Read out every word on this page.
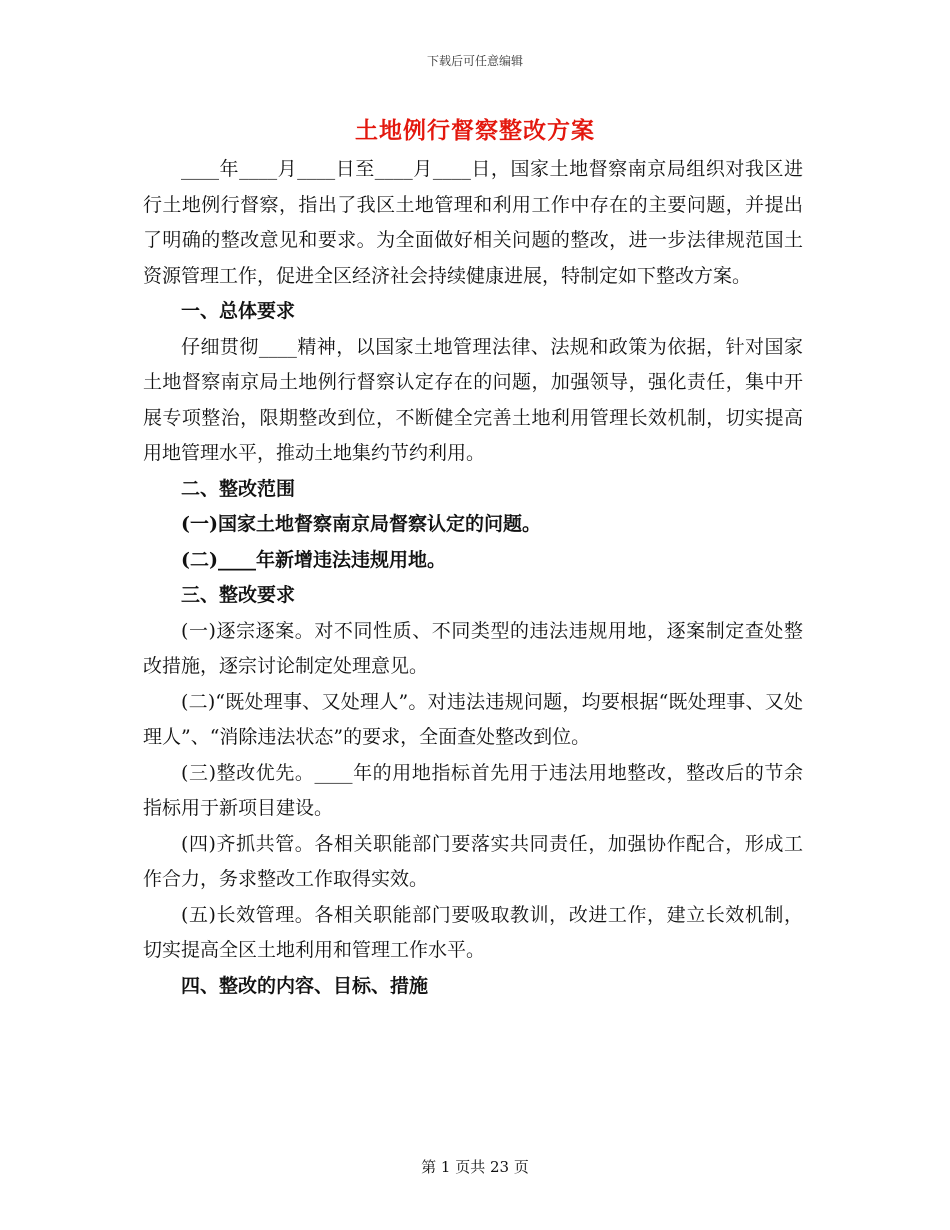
下载后可任意编辑
土地例行督察整改方案

____年____月____日至____月____日，国家土地督察南京局组织对我区进行土地例行督察，指出了我区土地管理和利用工作中存在的主要问题，并提出了明确的整改意见和要求。为全面做好相关问题的整改，进一步法律规范国土资源管理工作，促进全区经济社会持续健康进展，特制定如下整改方案。

一、总体要求

仔细贯彻____精神，以国家土地管理法律、法规和政策为依据，针对国家土地督察南京局土地例行督察认定存在的问题，加强领导，强化责任，集中开展专项整治，限期整改到位，不断健全完善土地利用管理长效机制，切实提高用地管理水平，推动土地集约节约利用。

二、整改范围

(一)国家土地督察南京局督察认定的问题。

(二)____年新增违法违规用地。

三、整改要求

(一)逐宗逐案。对不同性质、不同类型的违法违规用地，逐案制定查处整改措施，逐宗讨论制定处理意见。

(二)“既处理事、又处理人”。对违法违规问题，均要根据“既处理事、又处理人”、“消除违法状态”的要求，全面查处整改到位。

(三)整改优先。____年的用地指标首先用于违法用地整改，整改后的节余指标用于新项目建设。

(四)齐抓共管。各相关职能部门要落实共同责任，加强协作配合，形成工作合力，务求整改工作取得实效。

(五)长效管理。各相关职能部门要吸取教训，改进工作，建立长效机制，切实提高全区土地利用和管理工作水平。

四、整改的内容、目标、措施

第 1 页共 23 页
